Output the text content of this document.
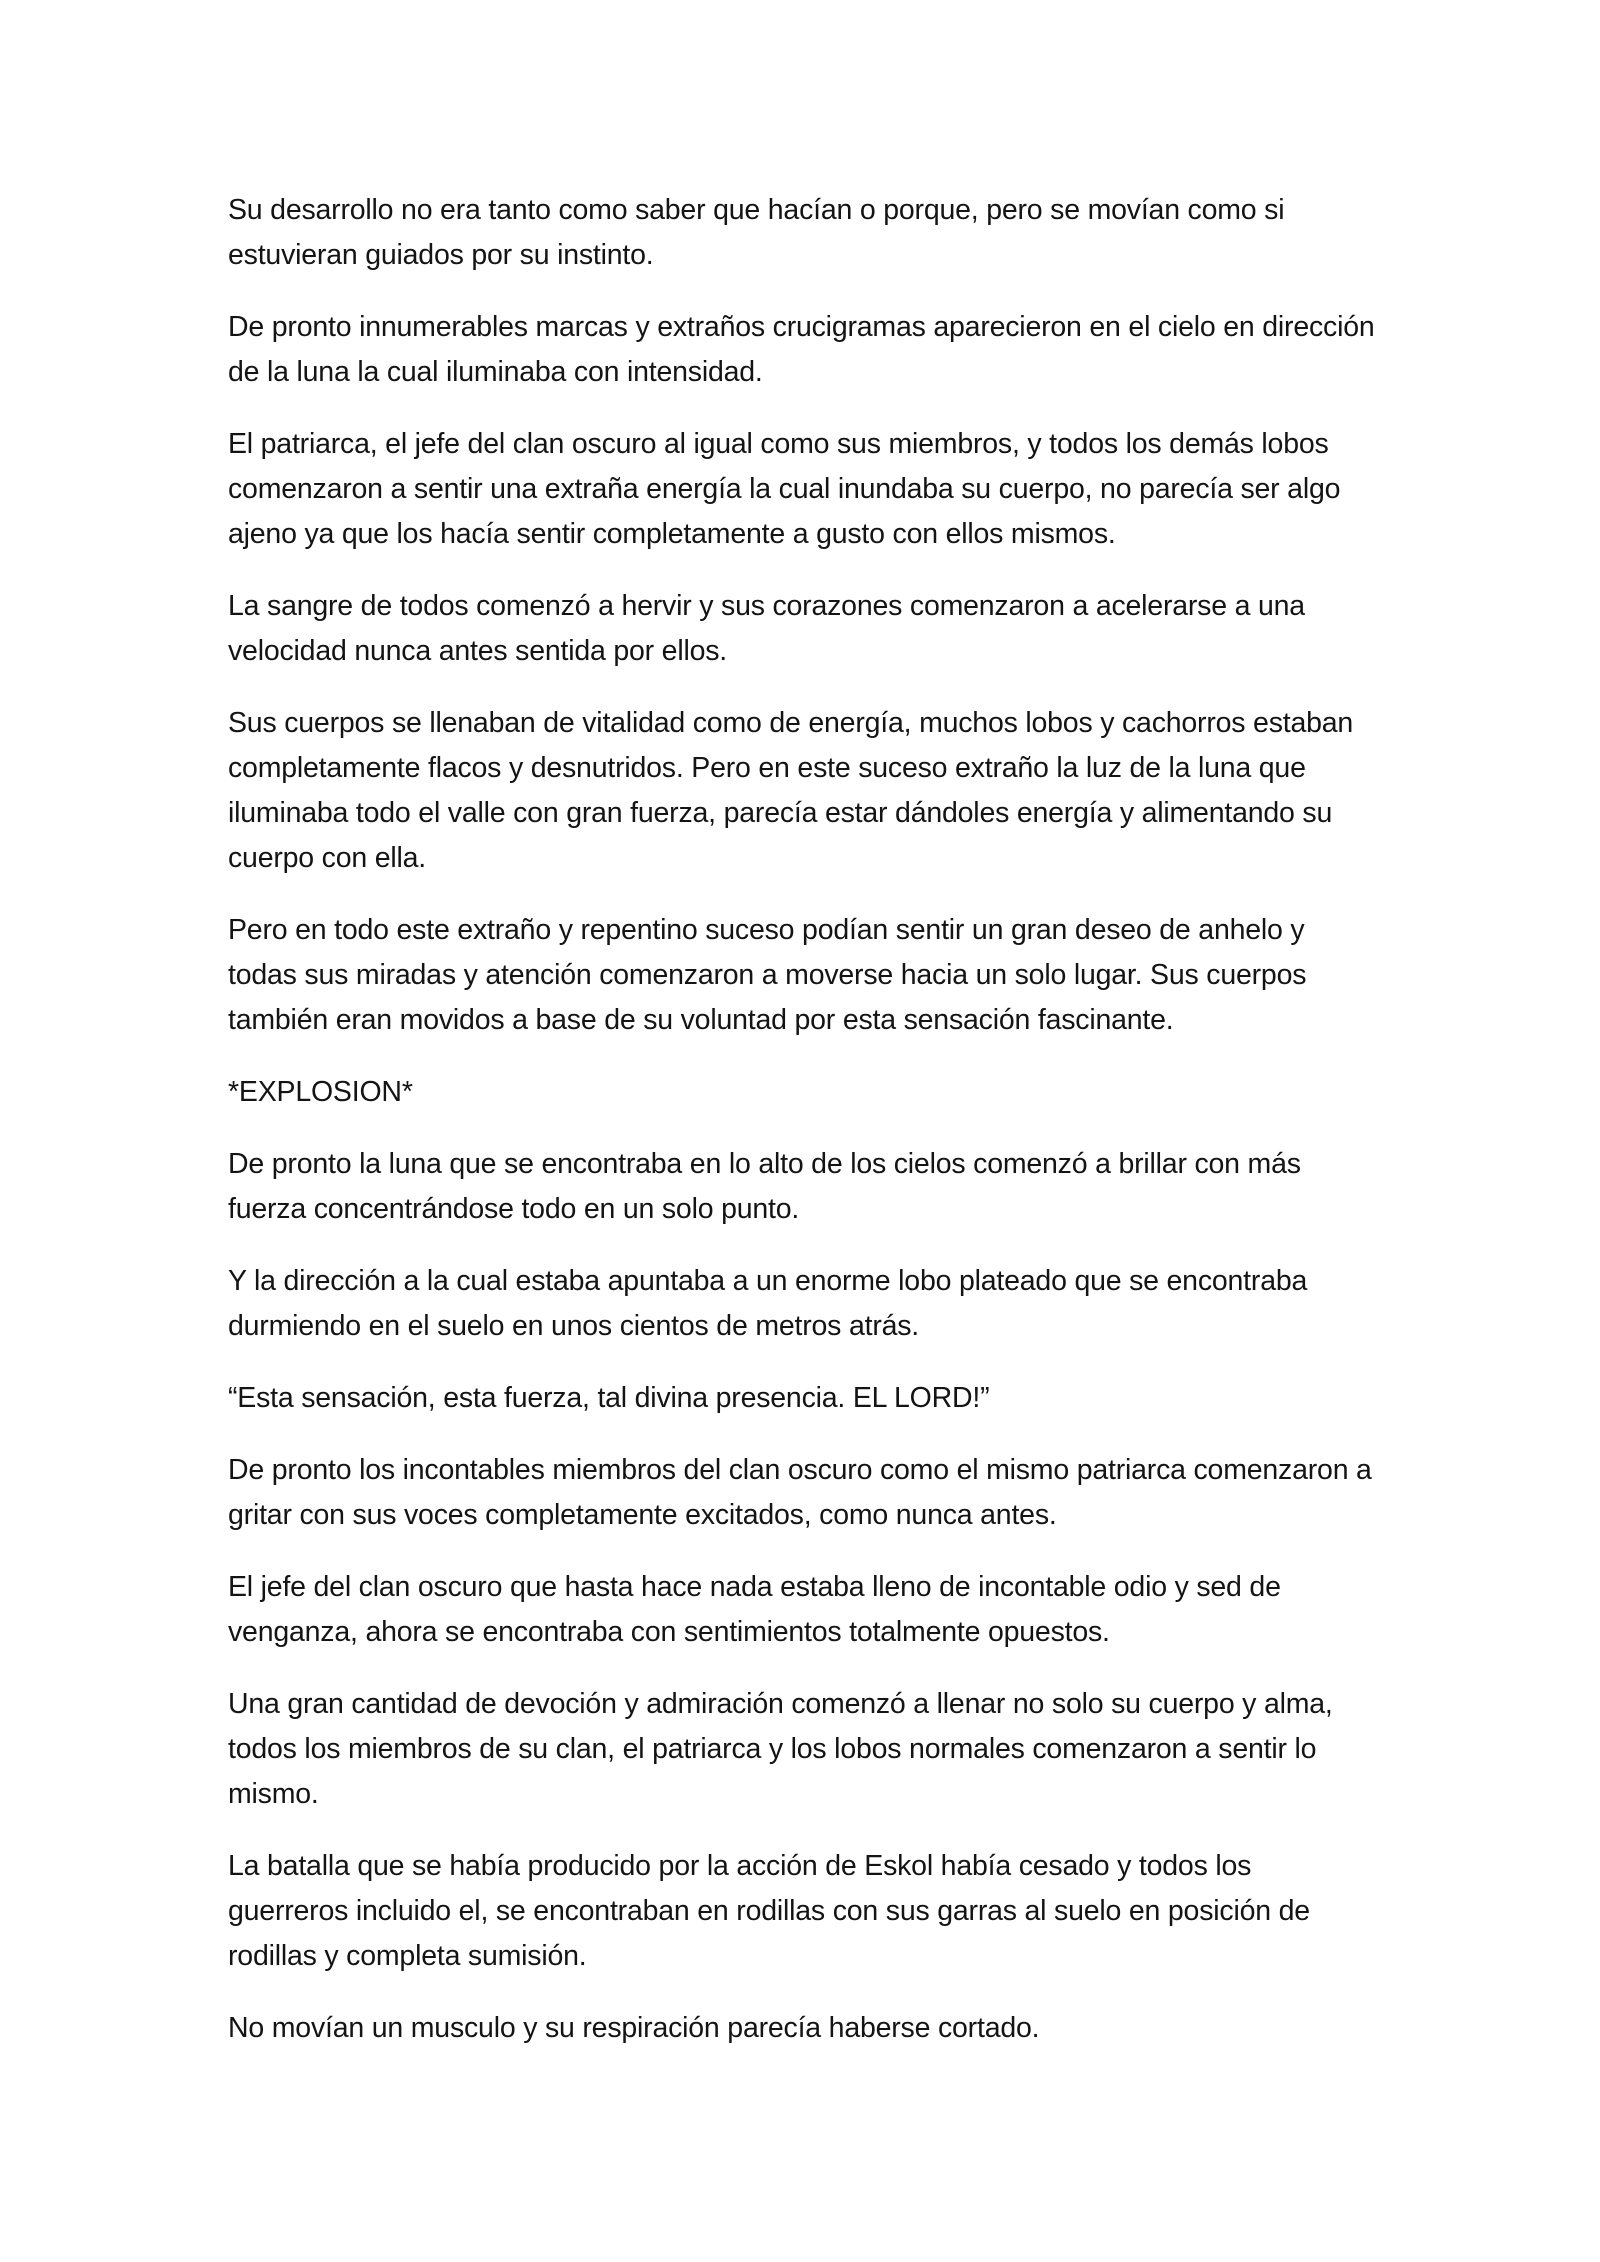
Su desarrollo no era tanto como saber que hacían o porque, pero se movían como si estuvieran guiados por su instinto.

De pronto innumerables marcas y extraños crucigramas aparecieron en el cielo en dirección de la luna la cual iluminaba con intensidad.

El patriarca, el jefe del clan oscuro al igual como sus miembros, y todos los demás lobos comenzaron a sentir una extraña energía la cual inundaba su cuerpo, no parecía ser algo ajeno ya que los hacía sentir completamente a gusto con ellos mismos.

La sangre de todos comenzó a hervir y sus corazones comenzaron a acelerarse a una velocidad nunca antes sentida por ellos.

Sus cuerpos se llenaban de vitalidad como de energía, muchos lobos y cachorros estaban completamente flacos y desnutridos. Pero en este suceso extraño la luz de la luna que iluminaba todo el valle con gran fuerza, parecía estar dándoles energía y alimentando su cuerpo con ella.

Pero en todo este extraño y repentino suceso podían sentir un gran deseo de anhelo y todas sus miradas y atención comenzaron a moverse hacia un solo lugar. Sus cuerpos también eran movidos a base de su voluntad por esta sensación fascinante.

*EXPLOSION*

De pronto la luna que se encontraba en lo alto de los cielos comenzó a brillar con más fuerza concentrándose todo en un solo punto.

Y la dirección a la cual estaba apuntaba a un enorme lobo plateado que se encontraba durmiendo en el suelo en unos cientos de metros atrás.

“Esta sensación, esta fuerza, tal divina presencia. EL LORD!”

De pronto los incontables miembros del clan oscuro como el mismo patriarca comenzaron a gritar con sus voces completamente excitados, como nunca antes.

El jefe del clan oscuro que hasta hace nada estaba lleno de incontable odio y sed de venganza, ahora se encontraba con sentimientos totalmente opuestos.

Una gran cantidad de devoción y admiración comenzó a llenar no solo su cuerpo y alma, todos los miembros de su clan, el patriarca y los lobos normales comenzaron a sentir lo mismo.

La batalla que se había producido por la acción de Eskol había cesado y todos los guerreros incluido el, se encontraban en rodillas con sus garras al suelo en posición de rodillas y completa sumisión.

No movían un musculo y su respiración parecía haberse cortado.
